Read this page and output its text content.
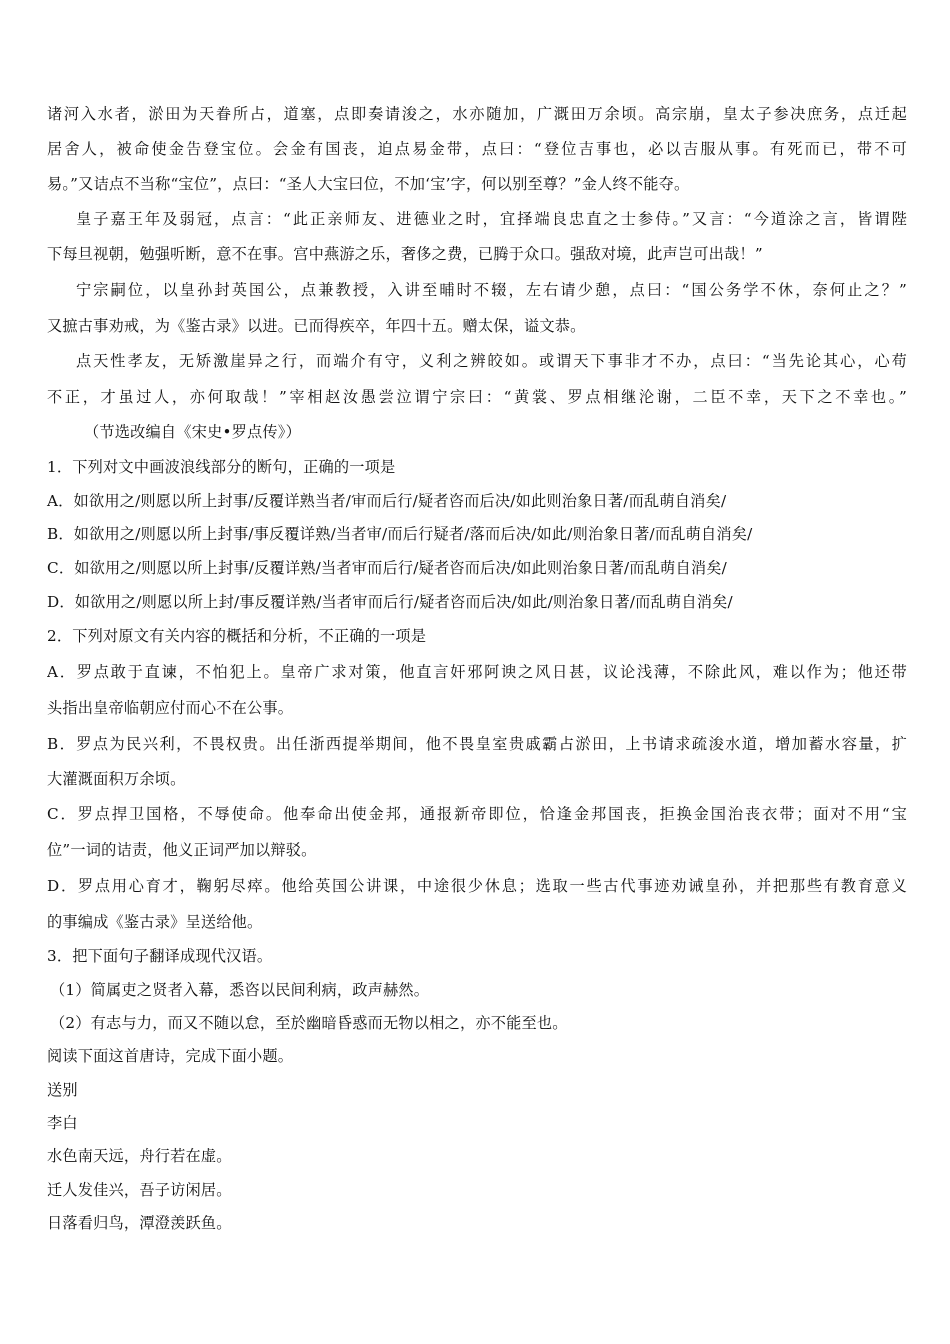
诸河入水者，淤田为天眷所占，道塞，点即奏请浚之，水亦随加，广溉田万余顷。高宗崩，皇太子参决庶务，点迁起
居舍人，被命使金告登宝位。会金有国丧，迫点易金带，点曰：“登位吉事也，必以吉服从事。有死而已，带不可
易。”又诘点不当称“宝位”，点曰：“圣人大宝曰位，不加‘宝’字，何以别至尊？”金人终不能夺。
皇子嘉王年及弱冠，点言：“此正亲师友、进德业之时，宜择端良忠直之士参侍。”又言：“今道涂之言，皆谓陛
下每旦视朝，勉强听断，意不在事。宫中燕游之乐，奢侈之费，已腾于众口。强敌对境，此声岂可出哉！”
宁宗嗣位，以皇孙封英国公，点兼教授，入讲至晡时不辍，左右请少憩，点曰：“国公务学不休，奈何止之？”
又摭古事劝戒，为《鉴古录》以进。已而得疾卒，年四十五。赠太保，谥文恭。
点天性孝友，无矫激崖异之行，而端介有守，义利之辨皎如。或谓天下事非才不办，点曰：“当先论其心，心苟
不正，才虽过人，亦何取哉！”宰相赵汝愚尝泣谓宁宗曰：“黄裳、罗点相继沦谢，二臣不幸，天下之不幸也。”
（节选改编自《宋史•罗点传》）
1．下列对文中画波浪线部分的断句，正确的一项是
A．如欲用之/则愿以所上封事/反覆详熟当者/审而后行/疑者咨而后决/如此则治象日著/而乱萌自消矣/
B．如欲用之/则愿以所上封事/事反覆详熟/当者审/而后行疑者/落而后决/如此/则治象日著/而乱萌自消矣/
C．如欲用之/则愿以所上封事/反覆详熟/当者审而后行/疑者咨而后决/如此则治象日著/而乱萌自消矣/
D．如欲用之/则愿以所上封/事反覆详熟/当者审而后行/疑者咨而后决/如此/则治象日著/而乱萌自消矣/
2．下列对原文有关内容的概括和分析，不正确的一项是
A．罗点敢于直谏，不怕犯上。皇帝广求对策，他直言奸邪阿谀之风日甚，议论浅薄，不除此风，难以作为；他还带
头指出皇帝临朝应付而心不在公事。
B．罗点为民兴利，不畏权贵。出任浙西提举期间，他不畏皇室贵戚霸占淤田，上书请求疏浚水道，增加蓄水容量，扩
大灌溉面积万余顷。
C．罗点捍卫国格，不辱使命。他奉命出使金邦，通报新帝即位，恰逢金邦国丧，拒换金国治丧衣带；面对不用“宝
位”一词的诘责，他义正词严加以辩驳。
D．罗点用心育才，鞠躬尽瘁。他给英国公讲课，中途很少休息；选取一些古代事迹劝诫皇孙，并把那些有教育意义
的事编成《鉴古录》呈送给他。
3．把下面句子翻译成现代汉语。
（1）简属吏之贤者入幕，悉咨以民间利病，政声赫然。
（2）有志与力，而又不随以怠，至於幽暗昏惑而无物以相之，亦不能至也。
阅读下面这首唐诗，完成下面小题。
送别
李白
水色南天远，舟行若在虚。
迁人发佳兴，吾子访闲居。
日落看归鸟，潭澄羡跃鱼。
